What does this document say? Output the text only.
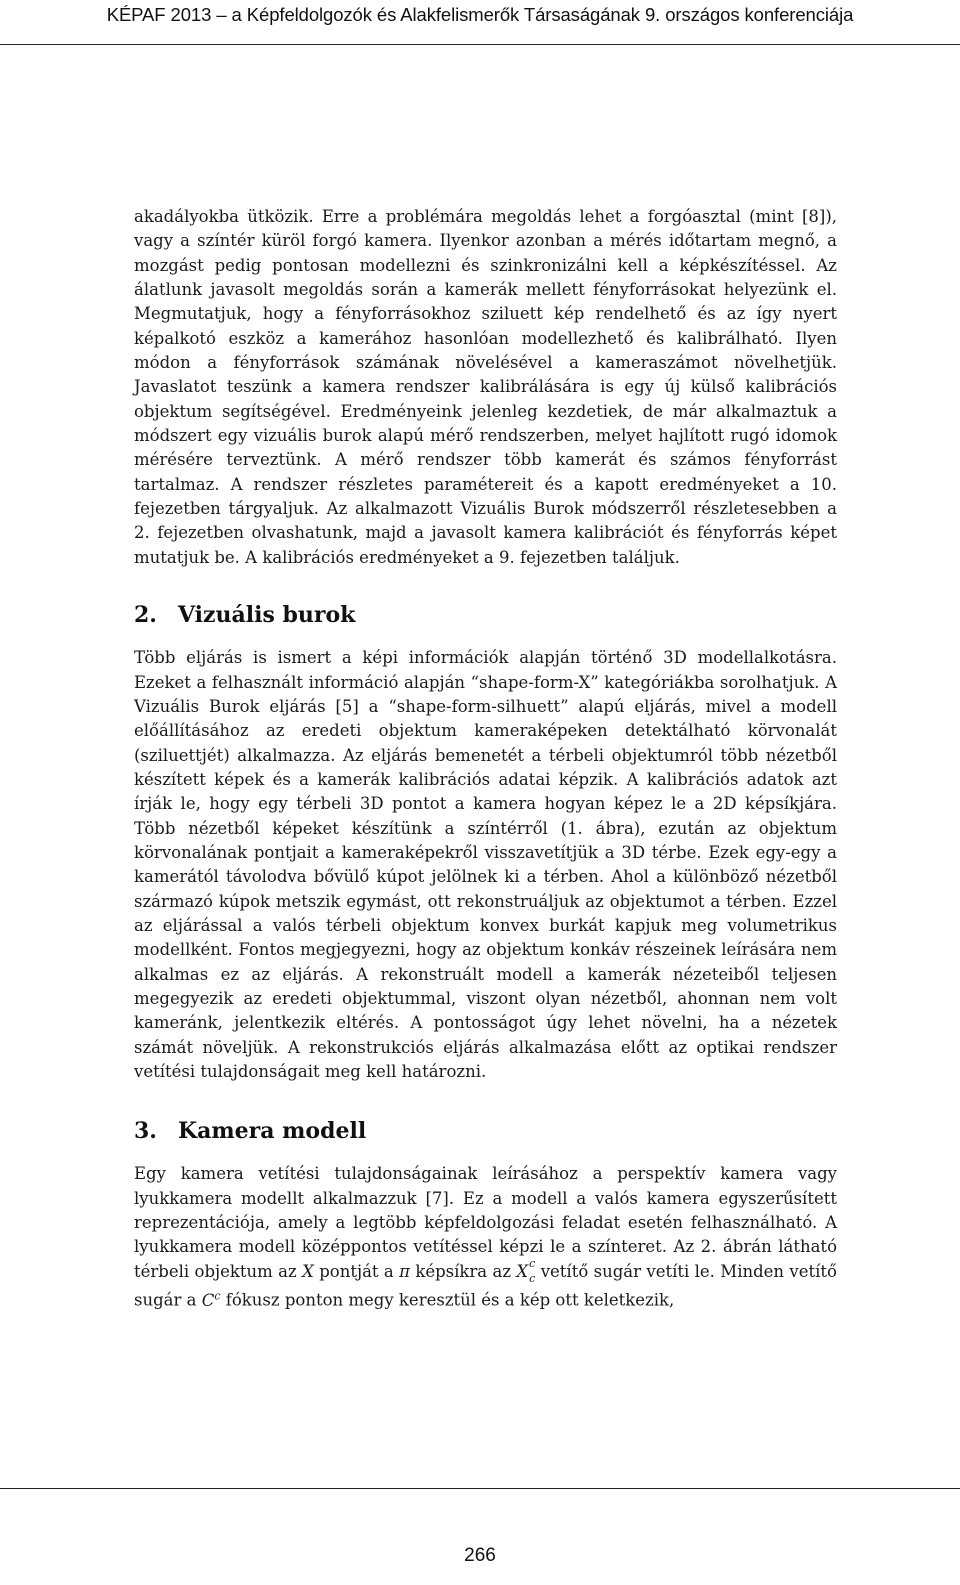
KÉPAF 2013 – a Képfeldolgozók és Alakfelismerők Társaságának 9. országos konferenciája

akadályokba ütközik. Erre a problémára megoldás lehet a forgóasztal (mint [8]), vagy a színtér küröl forgó kamera. Ilyenkor azonban a mérés időtartam megnő, a mozgást pedig pontosan modellezni és szinkronizálni kell a képkészítéssel. Az álatlunk javasolt megoldás során a kamerák mellett fényforrásokat helyezünk el. Megmutatjuk, hogy a fényforrásokhoz sziluett kép rendelhető és az így nyert képalkotó eszköz a kamerához hasonlóan modellezhető és kalibrálható. Ilyen módon a fényforrások számának növelésével a kameraszámot növelhetjük. Javaslatot teszünk a kamera rendszer kalibrálására is egy új külső kalibrációs objektum segítségével. Eredményeink jelenleg kezdetiek, de már alkalmaztuk a módszert egy vizuális burok alapú mérő rendszerben, melyet hajlított rugó idomok mérésére terveztünk. A mérő rendszer több kamerát és számos fényforrást tartalmaz. A rendszer részletes paramétereit és a kapott eredményeket a 10. fejezetben tárgyaljuk. Az alkalmazott Vizuális Burok módszerről részletesebben a 2. fejezetben olvashatunk, majd a javasolt kamera kalibrációt és fényforrás képet mutatjuk be. A kalibrációs eredményeket a 9. fejezetben találjuk.

2. Vizuális burok

Több eljárás is ismert a képi információk alapján történő 3D modellalkotásra. Ezeket a felhasznált információ alapján “shape-form-X” kategóriákba sorolhatjuk. A Vizuális Burok eljárás [5] a “shape-form-silhuett” alapú eljárás, mivel a modell előállításához az eredeti objektum kameraképeken detektálható körvonalát (sziluettjét) alkalmazza. Az eljárás bemenetét a térbeli objektumról több nézetből készített képek és a kamerák kalibrációs adatai képzik. A kalibrációs adatok azt írják le, hogy egy térbeli 3D pontot a kamera hogyan képez le a 2D képsíkjára. Több nézetből képeket készítünk a színtérről (1. ábra), ezután az objektum körvonalának pontjait a kameraképekről visszavetítjük a 3D térbe. Ezek egy-egy a kamerától távolodva bővülő kúpot jelölnek ki a térben. Ahol a különböző nézetből származó kúpok metszik egymást, ott rekonstruáljuk az objektumot a térben. Ezzel az eljárással a valós térbeli objektum konvex burkát kapjuk meg volumetrikus modellként. Fontos megjegyezni, hogy az objektum konkáv részeinek leírására nem alkalmas ez az eljárás. A rekonstruált modell a kamerák nézeteiből teljesen megegyezik az eredeti objektummal, viszont olyan nézetből, ahonnan nem volt kameránk, jelentkezik eltérés. A pontosságot úgy lehet növelni, ha a nézetek számát növeljük. A rekonstrukciós eljárás alkalmazása előtt az optikai rendszer vetítési tulajdonságait meg kell határozni.

3. Kamera modell

Egy kamera vetítési tulajdonságainak leírásához a perspektív kamera vagy lyukkamera modellt alkalmazzuk [7]. Ez a modell a valós kamera egyszerűsített reprezentációja, amely a legtöbb képfeldolgozási feladat esetén felhasználható. A lyukkamera modell középpontos vetítéssel képzi le a színteret. Az 2. ábrán látható térbeli objektum az X pontját a π képsíkra az X c
c vetítő sugár vetíti le. Minden vetítő sugár a $C^c$ fókusz ponton megy keresztül és a kép ott keletkezik,

266
